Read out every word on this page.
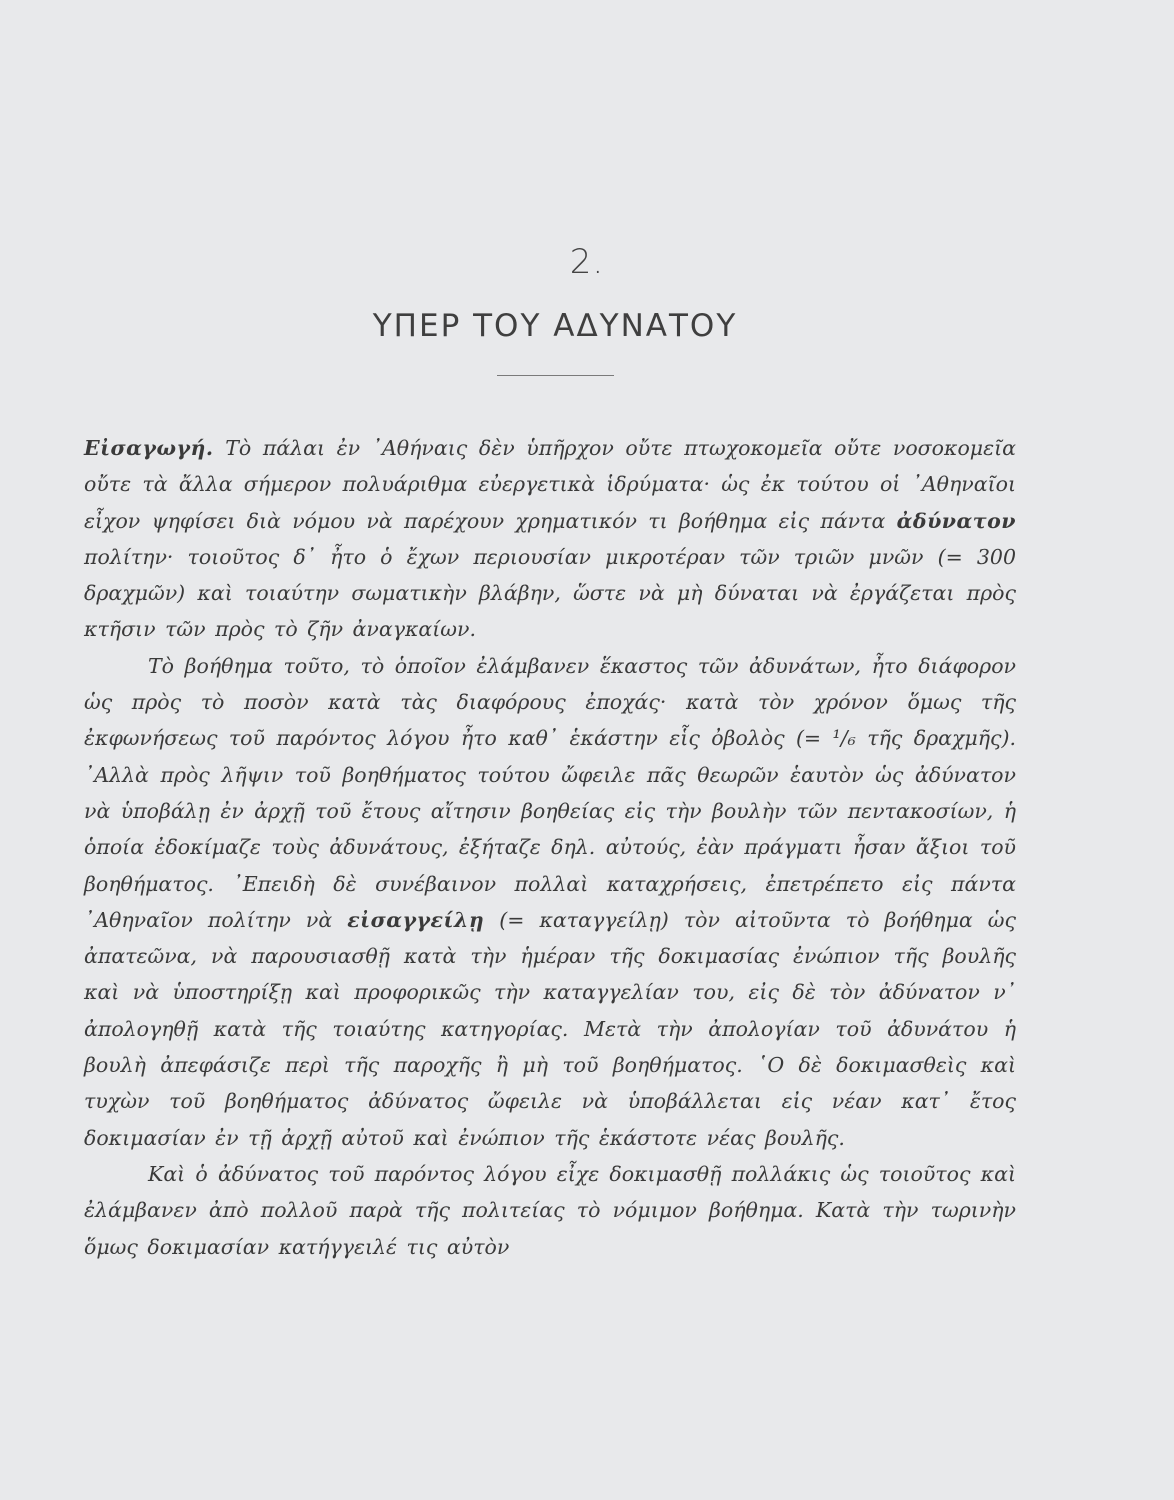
2.
ΥΠΕΡ ΤΟΥ ΑΔΥΝΑΤΟΥ

Εἰσαγωγή. Τὸ πάλαι ἐν ᾿Αθήναις δὲν ὑπῆρχον οὔτε πτωχοκομεῖα οὔτε νοσοκομεῖα οὔτε τὰ ἄλλα σήμερον πολυάριθμα εὐεργετικὰ ἱδρύματα· ὡς ἐκ τούτου οἱ ᾿Αθηναῖοι εἶχον ψηφίσει διὰ νόμου νὰ παρέχουν χρηματικόν τι βοήθημα εἰς πάντα ἀδύνατον πολίτην· τοιοῦτος δ᾿ ἦτο ὁ ἔχων περιουσίαν μικροτέραν τῶν τριῶν μνῶν (= 300 δραχμῶν) καὶ τοιαύτην σωματικὴν βλάβην, ὥστε νὰ μὴ δύναται νὰ ἐργάζεται πρὸς κτῆσιν τῶν πρὸς τὸ ζῆν ἀναγκαίων.

Τὸ βοήθημα τοῦτο, τὸ ὁποῖον ἐλάμβανεν ἕκαστος τῶν ἀδυνάτων, ἦτο διάφορον ὡς πρὸς τὸ ποσὸν κατὰ τὰς διαφόρους ἐποχάς· κατὰ τὸν χρόνον ὅμως τῆς ἐκφωνήσεως τοῦ παρόντος λόγου ἦτο καθ᾿ ἑκάστην εἷς ὀβολὸς (= ¹/₆ τῆς δραχμῆς). ᾿Αλλὰ πρὸς λῆψιν τοῦ βοηθήματος τούτου ὤφειλε πᾶς θεωρῶν ἑαυτὸν ὡς ἀδύνατον νὰ ὑποβάλῃ ἐν ἀρχῇ τοῦ ἔτους αἴτησιν βοηθείας εἰς τὴν βουλὴν τῶν πεντακοσίων, ἡ ὁποία ἐδοκίμαζε τοὺς ἀδυνάτους, ἐξήταζε δηλ. αὐτούς, ἐὰν πράγματι ἦσαν ἄξιοι τοῦ βοηθήματος. ᾿Επειδὴ δὲ συνέβαινον πολλαὶ καταχρήσεις, ἐπετρέπετο εἰς πάντα ᾿Αθηναῖον πολίτην νὰ εἰσαγγείλῃ (= καταγγείλῃ) τὸν αἰτοῦντα τὸ βοήθημα ὡς ἀπατεῶνα, νὰ παρουσιασθῇ κατὰ τὴν ἡμέραν τῆς δοκιμασίας ἐνώπιον τῆς βουλῆς καὶ νὰ ὑποστηρίξῃ καὶ προφορικῶς τὴν καταγγελίαν του, εἰς δὲ τὸν ἀδύνατον ν᾿ ἀπολογηθῇ κατὰ τῆς τοιαύτης κατηγορίας. Μετὰ τὴν ἀπολογίαν τοῦ ἀδυνάτου ἡ βουλὴ ἀπεφάσιζε περὶ τῆς παροχῆς ἢ μὴ τοῦ βοηθήματος. ῾Ο δὲ δοκιμασθεὶς καὶ τυχὼν τοῦ βοηθήματος ἀδύνατος ὤφειλε νὰ ὑποβάλλεται εἰς νέαν κατ᾿ ἔτος δοκιμασίαν ἐν τῇ ἀρχῇ αὐτοῦ καὶ ἐνώπιον τῆς ἑκάστοτε νέας βουλῆς.

Καὶ ὁ ἀδύνατος τοῦ παρόντος λόγου εἶχε δοκιμασθῇ πολλάκις ὡς τοιοῦτος καὶ ἐλάμβανεν ἀπὸ πολλοῦ παρὰ τῆς πολιτείας τὸ νόμιμον βοήθημα. Κατὰ τὴν τωρινὴν ὅμως δοκιμασίαν κατήγγειλέ τις αὐτὸν
